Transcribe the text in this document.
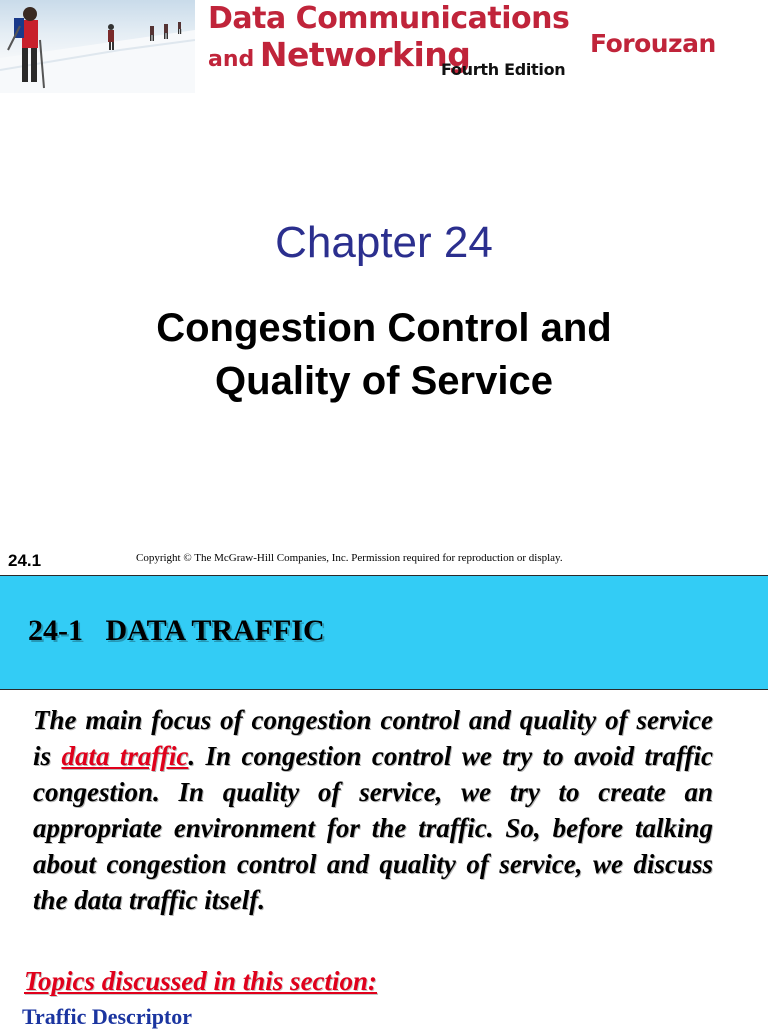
Data Communications
and Networking
Fourth Edition
Forouzan
Chapter 24
Congestion Control and
Quality of Service
24.1	Copyright © The McGraw-Hill Companies, Inc. Permission required for reproduction or display.
24-1   DATA TRAFFIC

The main focus of congestion control and quality of service is data traffic. In congestion control we try to avoid traffic congestion. In quality of service, we try to create an appropriate environment for the traffic. So, before talking about congestion control and quality of service, we discuss the data traffic itself.

Topics discussed in this section:
Traffic Descriptor
